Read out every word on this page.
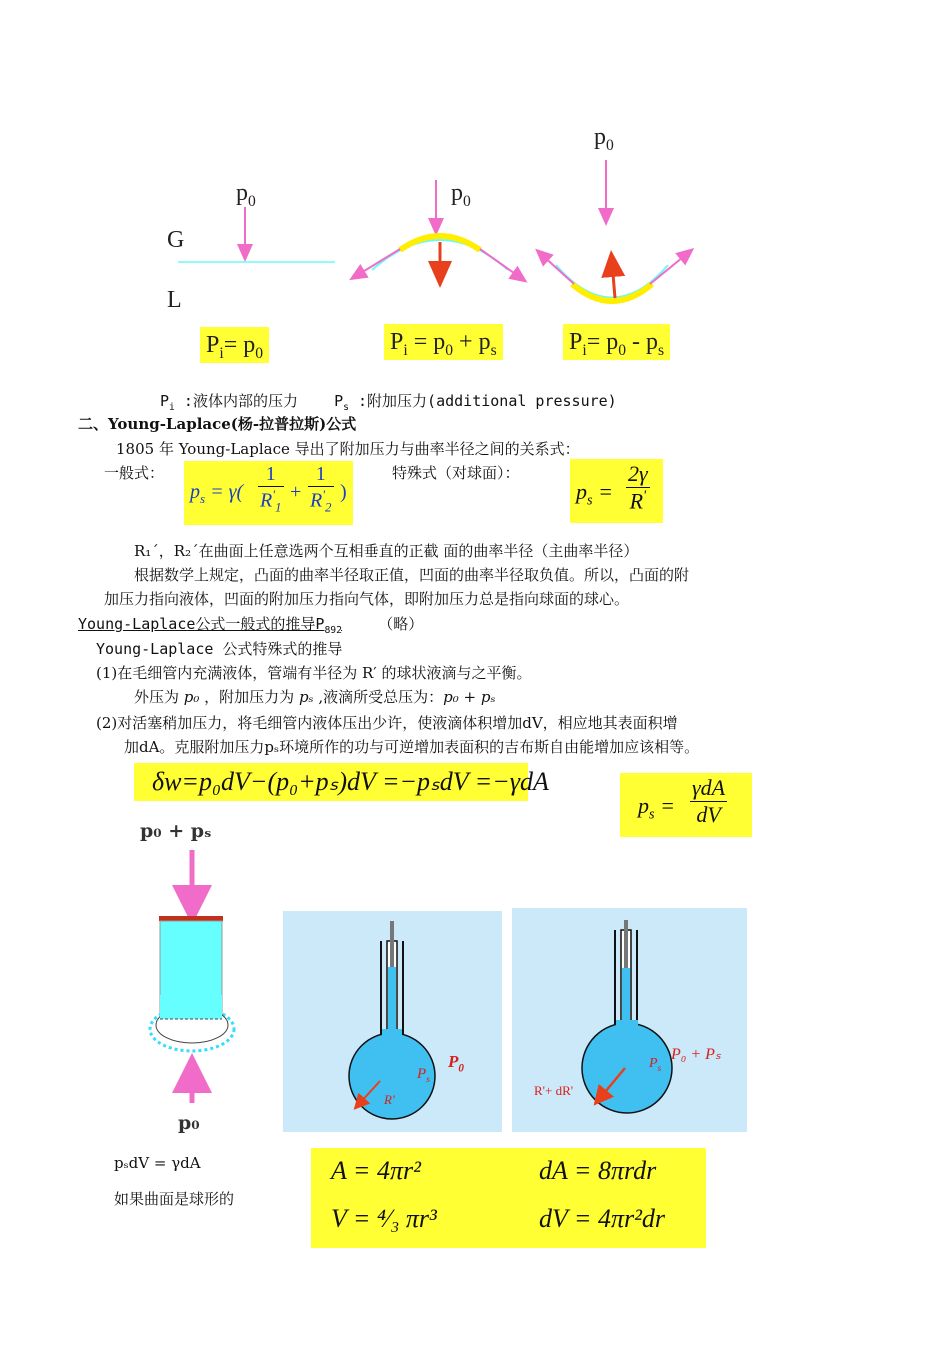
$p_0$	$p_0$
$p_0$
G
L
$P_i= p_0$	$P_i = p_0 + p_s$	$P_i= p_0 - p_s$
$P_i$ :液体内部的压力 $P_s$ :附加压力(additional pressure)
二、Young-Laplace(杨-拉普拉斯)公式
1805 年 Young-Laplace 导出了附加压力与曲率半径之间的关系式：
一般式：	特殊式（对球面）：
$p_s = \gamma( \frac{1}{R'_1} + \frac{1}{R'_2}$ )	$p_s = \frac{2\gamma}{R'}$
R₁´，R₂´在曲面上任意选两个互相垂直的正截 面的曲率半径（主曲率半径）
根据数学上规定，凸面的曲率半径取正值，凹面的曲率半径取负值。所以，凸面的附
加压力指向液体，凹面的附加压力指向气体，即附加压力总是指向球面的球心。
Young-Laplace公式一般式的推导$P_{892}$ （略）
Young-Laplace 公式特殊式的推导
(1)在毛细管内充满液体，管端有半径为 R′ 的球状液滴与之平衡。
外压为 p₀ ，附加压力为 pₛ ,液滴所受总压为：p₀ + pₛ
(2)对活塞稍加压力，将毛细管内液体压出少许，使液滴体积增加dV，相应地其表面积增
加dA。克服附加压力pₛ环境所作的功与可逆增加表面积的吉布斯自由能增加应该相等。
δw=p₀dV−(p₀+pₛ)dV =−pₛdV =−γdA
$p_s$ =
γdA
dV
p₀ + pₛ
p₀
$P_0$
$P_s$
R'
P₀ + Pₛ
$P_s$
R'+ dR'
pₛdV = γdA
如果曲面是球形的
A = 4πr²	dA = 8πrdr
V = ⁴⁄₃ πr³	dV = 4πr²dr
